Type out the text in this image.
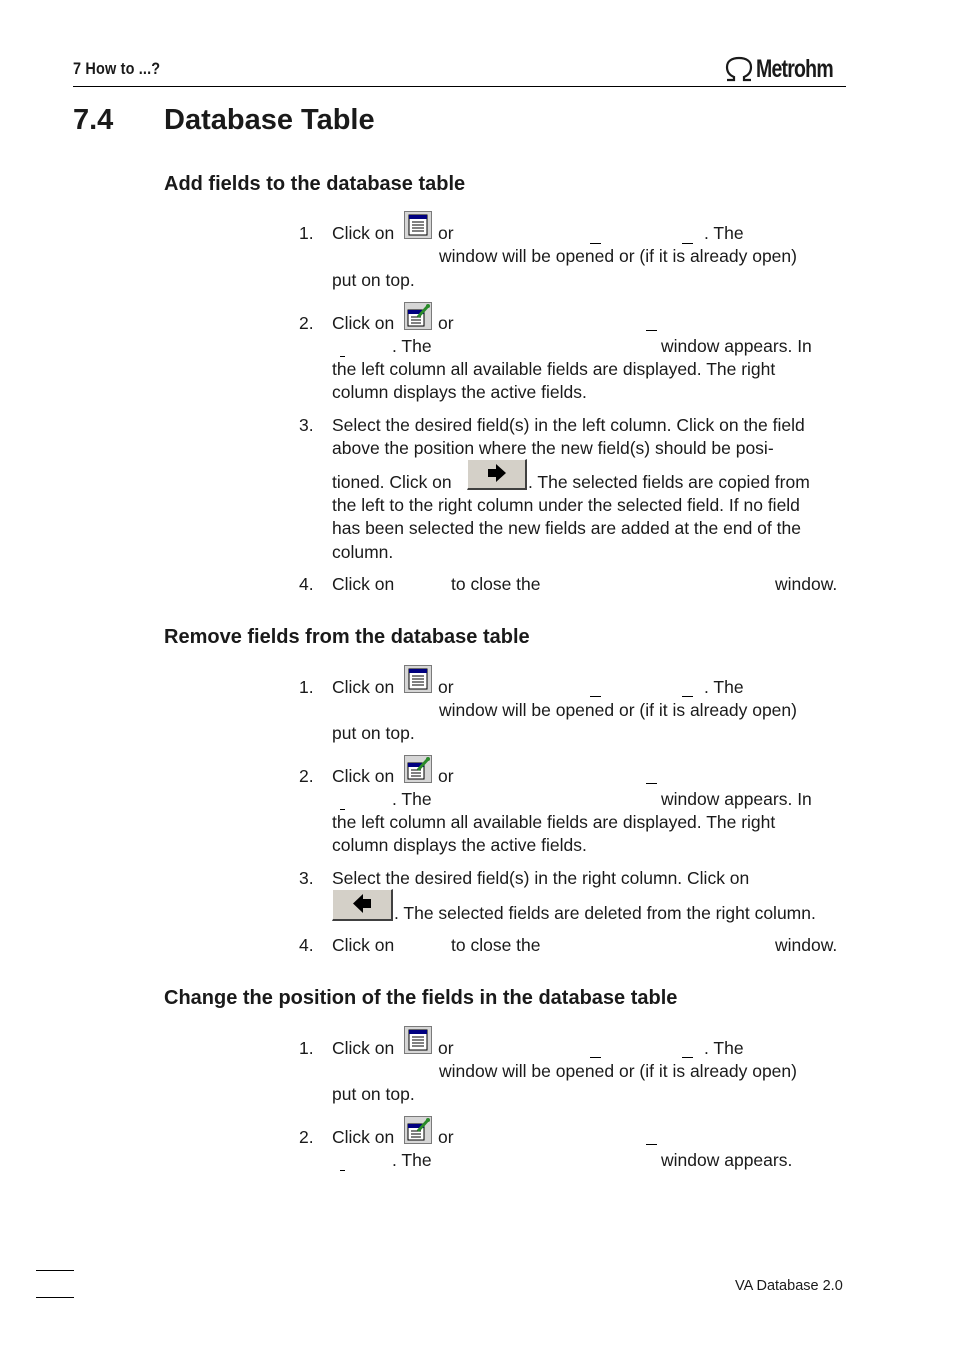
7 How to ...?	Metrohm
7.4 Database Table
Add fields to the database table
1. Click on	or	. The
window will be opened or (if it is already open)
put on top.
2. Click on	or
. The	window appears. In
the left column all available fields are displayed. The right
column displays the active fields.
3. Select the desired field(s) in the left column. Click on the field
above the position where the new field(s) should be posi-
tioned. Click on	. The selected fields are copied from
the left to the right column under the selected field. If no field
has been selected the new fields are added at the end of the
column.
4. Click on	to close the	window.
Remove fields from the database table
1. Click on	or	. The
window will be opened or (if it is already open)
put on top.
2. Click on	or
. The	window appears. In
the left column all available fields are displayed. The right
column displays the active fields.
3. Select the desired field(s) in the right column. Click on
. The selected fields are deleted from the right column.
4. Click on	to close the	window.
Change the position of the fields in the database table
1. Click on	or	. The
window will be opened or (if it is already open)
put on top.
2. Click on	or
. The	window appears.
VA Database 2.0
